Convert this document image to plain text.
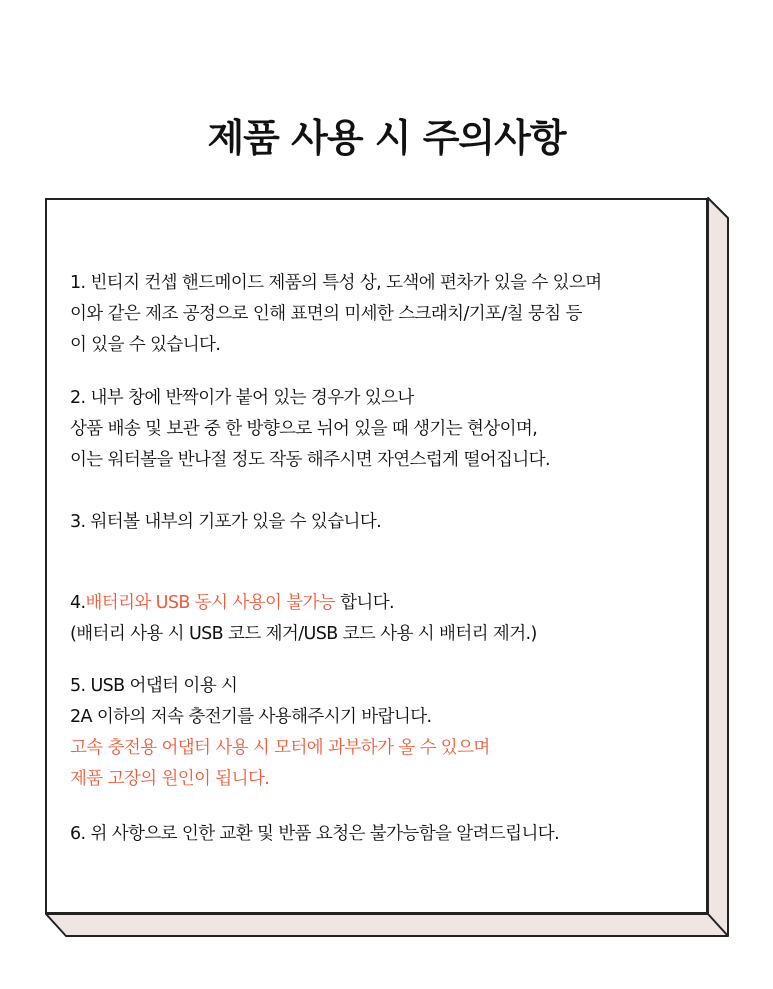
제품 사용 시 주의사항
1. 빈티지 컨셉 핸드메이드 제품의 특성 상, 도색에 편차가 있을 수 있으며
이와 같은 제조 공정으로 인해 표면의 미세한 스크래치/기포/칠 뭉침 등
이 있을 수 있습니다.
2. 내부 창에 반짝이가 붙어 있는 경우가 있으나
상품 배송 및 보관 중 한 방향으로 뉘어 있을 때 생기는 현상이며,
이는 워터볼을 반나절 정도 작동 해주시면 자연스럽게 떨어집니다.
3. 워터볼 내부의 기포가 있을 수 있습니다.
4.배터리와 USB 동시 사용이 불가능 합니다.
(배터리 사용 시 USB 코드 제거/USB 코드 사용 시 배터리 제거.)
5. USB 어댑터 이용 시
2A 이하의 저속 충전기를 사용해주시기 바랍니다.
고속 충전용 어댑터 사용 시 모터에 과부하가 올 수 있으며
제품 고장의 원인이 됩니다.
6. 위 사항으로 인한 교환 및 반품 요청은 불가능함을 알려드립니다.
